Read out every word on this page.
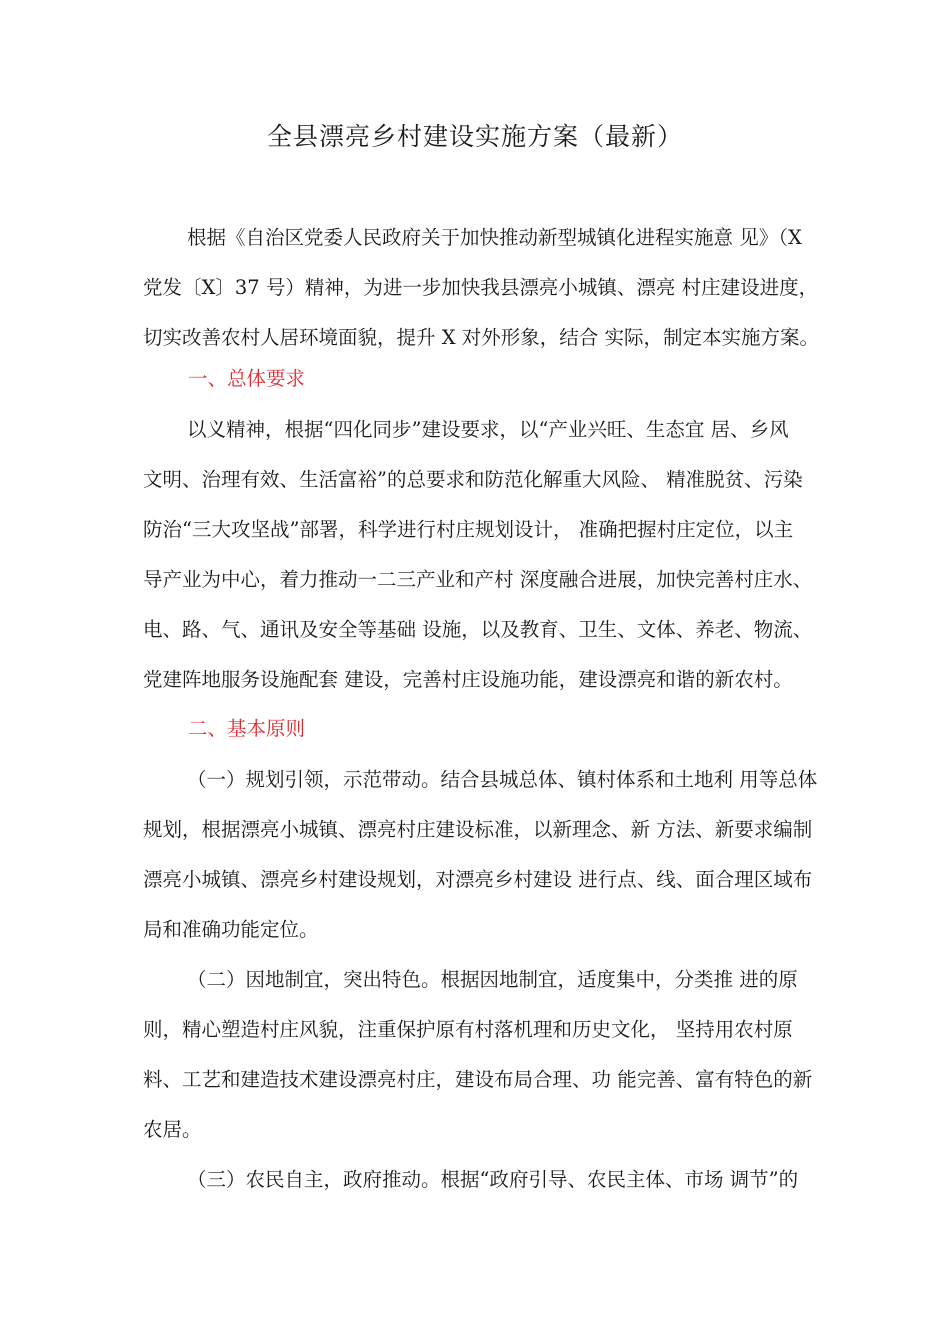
全县漂亮乡村建设实施方案（最新）
根据《自治区党委人民政府关于加快推动新型城镇化进程实施意 见》（X
党发〔X〕37 号）精神，为进一步加快我县漂亮小城镇、漂亮 村庄建设进度，
切实改善农村人居环境面貌，提升 X 对外形象，结合 实际，制定本实施方案。
一、总体要求
以义精神，根据“四化同步”建设要求，以“产业兴旺、生态宜 居、乡风
文明、治理有效、生活富裕”的总要求和防范化解重大风险、 精准脱贫、污染
防治“三大攻坚战”部署，科学进行村庄规划设计， 准确把握村庄定位，以主
导产业为中心，着力推动一二三产业和产村 深度融合进展，加快完善村庄水、
电、路、气、通讯及安全等基础 设施，以及教育、卫生、文体、养老、物流、
党建阵地服务设施配套 建设，完善村庄设施功能，建设漂亮和谐的新农村。
二、基本原则
（一）规划引领，示范带动。结合县城总体、镇村体系和土地利 用等总体
规划，根据漂亮小城镇、漂亮村庄建设标准，以新理念、新 方法、新要求编制
漂亮小城镇、漂亮乡村建设规划，对漂亮乡村建设 进行点、线、面合理区域布
局和准确功能定位。
（二）因地制宜，突出特色。根据因地制宜，适度集中，分类推 进的原
则，精心塑造村庄风貌，注重保护原有村落机理和历史文化， 坚持用农村原
料、工艺和建造技术建设漂亮村庄，建设布局合理、功 能完善、富有特色的新
农居。
（三）农民自主，政府推动。根据“政府引导、农民主体、市场 调节”的
